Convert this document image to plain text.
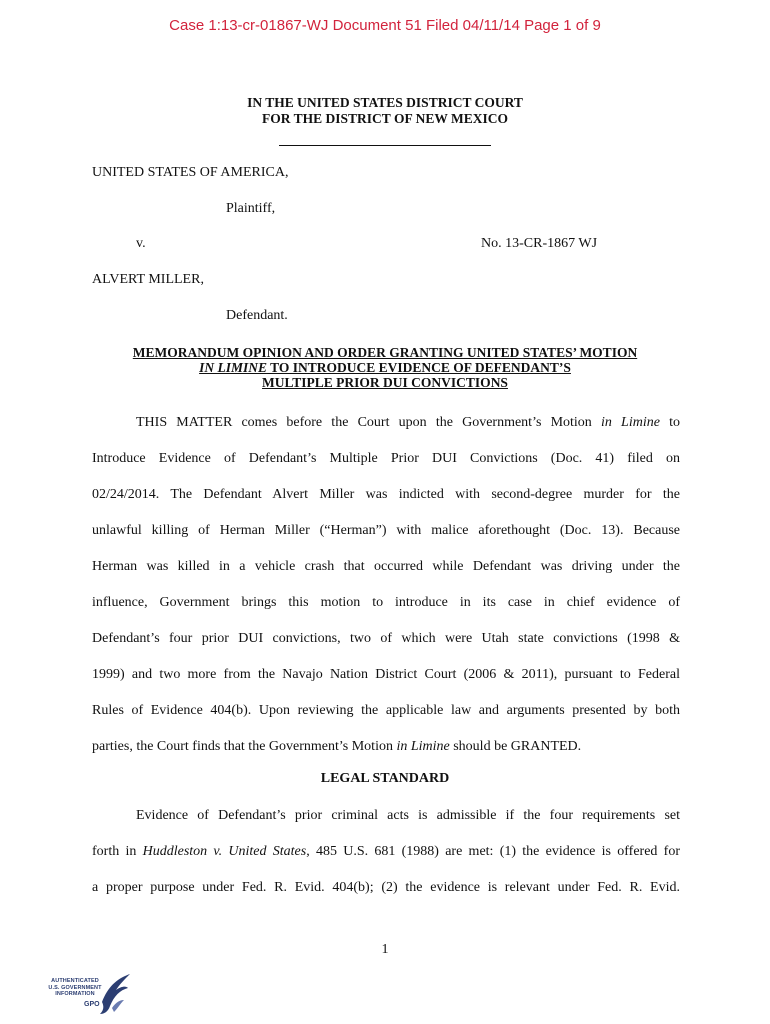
Case 1:13-cr-01867-WJ Document 51 Filed 04/11/14 Page 1 of 9
IN THE UNITED STATES DISTRICT COURT
FOR THE DISTRICT OF NEW MEXICO
UNITED STATES OF AMERICA,
Plaintiff,
v.	No. 13-CR-1867 WJ
ALVERT MILLER,
Defendant.
MEMORANDUM OPINION AND ORDER GRANTING UNITED STATES’ MOTION
IN LIMINE TO INTRODUCE EVIDENCE OF DEFENDANT’S
MULTIPLE PRIOR DUI CONVICTIONS
THIS MATTER comes before the Court upon the Government’s Motion in Limine to
Introduce Evidence of Defendant’s Multiple Prior DUI Convictions (Doc. 41) filed on
02/24/2014. The Defendant Alvert Miller was indicted with second-degree murder for the
unlawful killing of Herman Miller (“Herman”) with malice aforethought (Doc. 13). Because
Herman was killed in a vehicle crash that occurred while Defendant was driving under the
influence, Government brings this motion to introduce in its case in chief evidence of
Defendant’s four prior DUI convictions, two of which were Utah state convictions (1998 &
1999) and two more from the Navajo Nation District Court (2006 & 2011), pursuant to Federal
Rules of Evidence 404(b). Upon reviewing the applicable law and arguments presented by both
parties, the Court finds that the Government’s Motion in Limine should be GRANTED.
LEGAL STANDARD
Evidence of Defendant’s prior criminal acts is admissible if the four requirements set
forth in Huddleston v. United States, 485 U.S. 681 (1988) are met: (1) the evidence is offered for
a proper purpose under Fed. R. Evid. 404(b); (2) the evidence is relevant under Fed. R. Evid.
1
AUTHENTICATED
U.S. GOVERNMENT
INFORMATION
GPO
